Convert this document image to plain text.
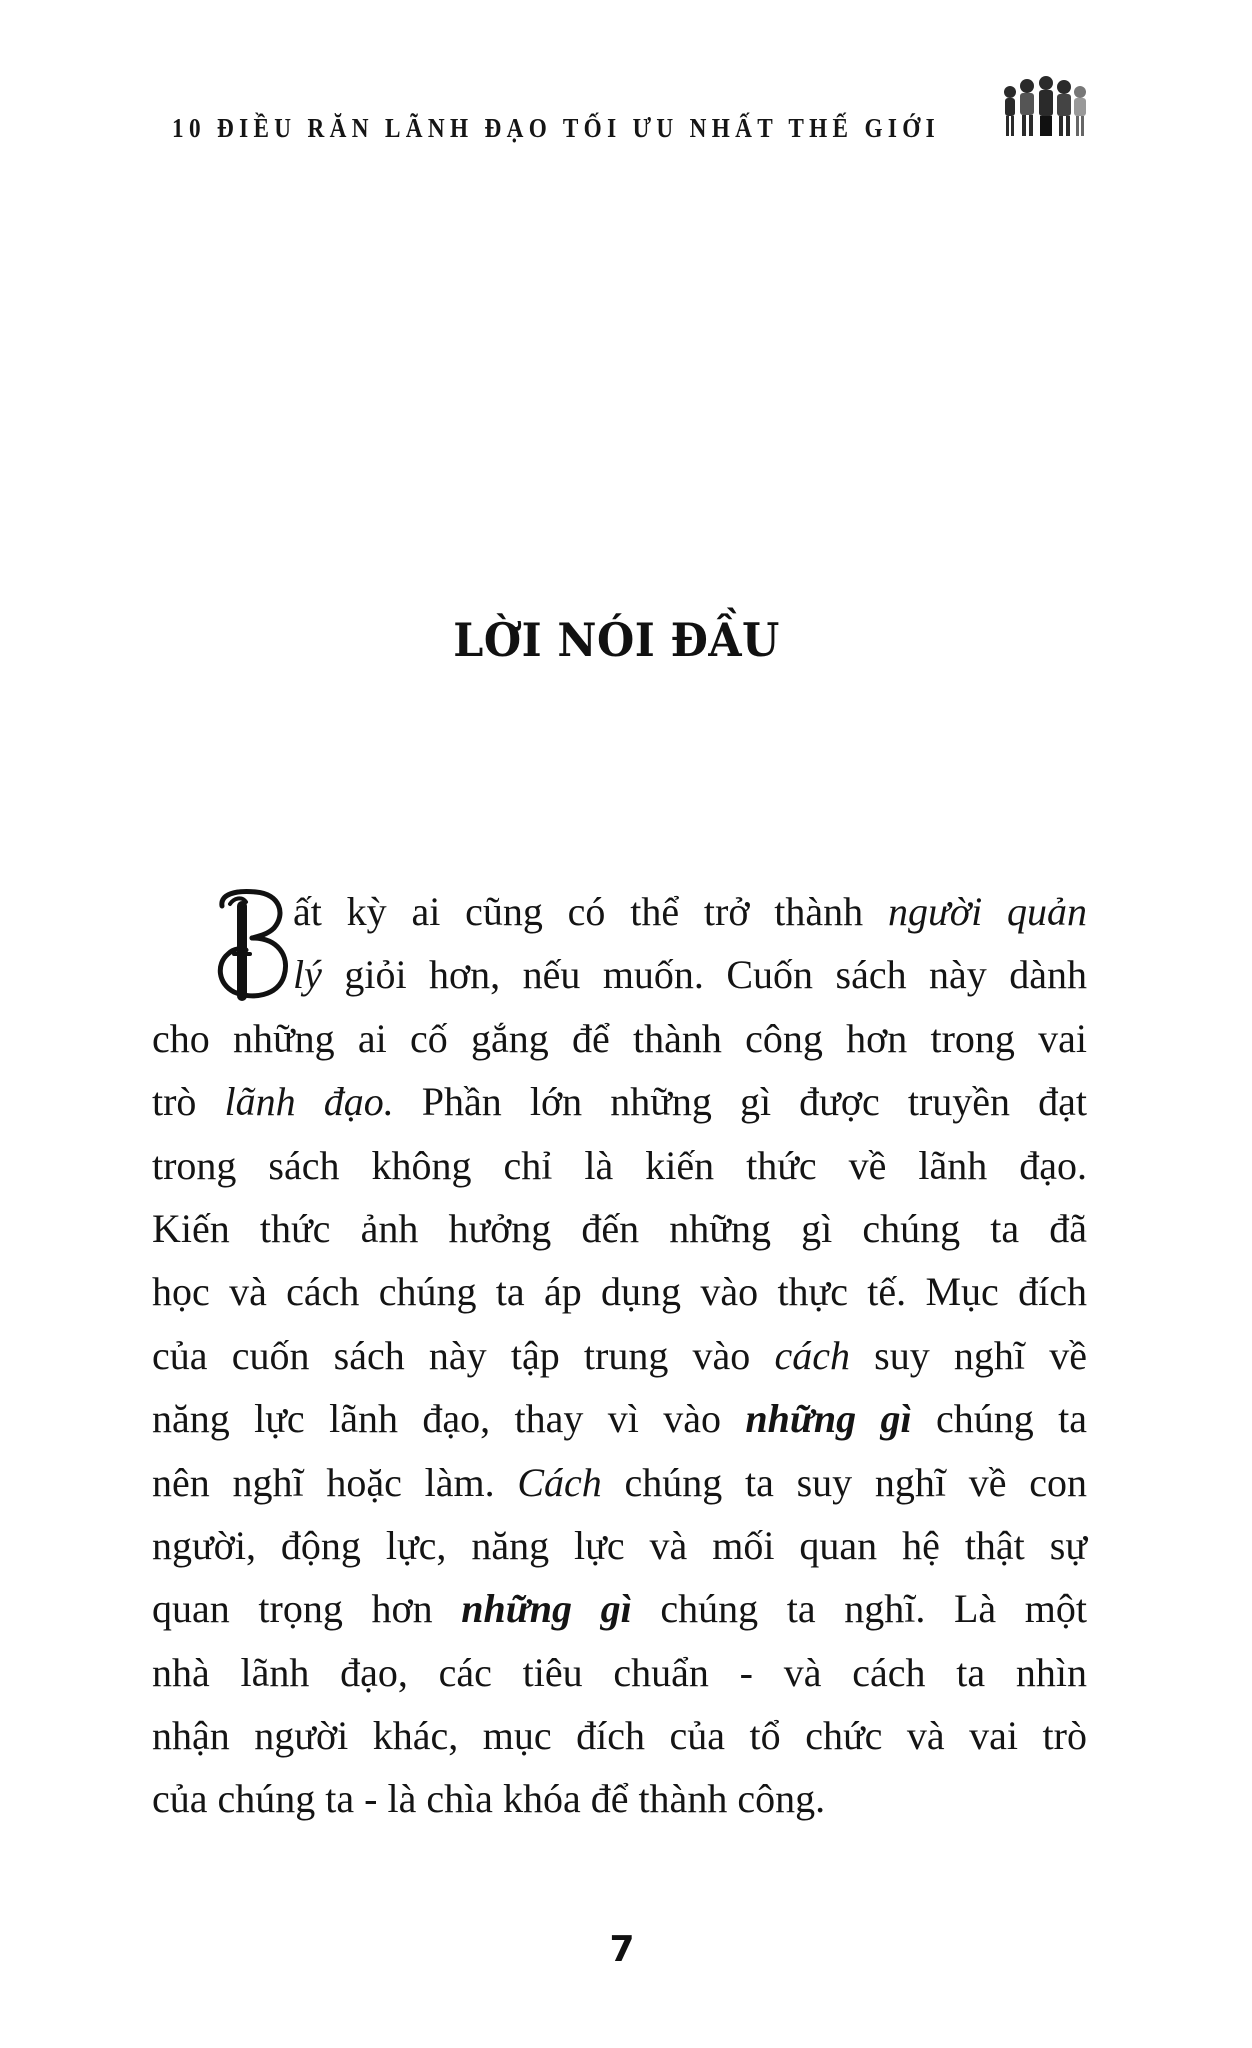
10 ĐIỀU RĂN LÃNH ĐẠO TỐI ƯU NHẤT THẾ GIỚI
LỜI NÓI ĐẦU
ất kỳ ai cũng có thể trở thành người quản
lý giỏi hơn, nếu muốn. Cuốn sách này dành
cho những ai cố gắng để thành công hơn trong vai
trò lãnh đạo. Phần lớn những gì được truyền đạt
trong sách không chỉ là kiến thức về lãnh đạo.
Kiến thức ảnh hưởng đến những gì chúng ta đã
học và cách chúng ta áp dụng vào thực tế. Mục đích
của cuốn sách này tập trung vào cách suy nghĩ về
năng lực lãnh đạo, thay vì vào những gì chúng ta
nên nghĩ hoặc làm. Cách chúng ta suy nghĩ về con
người, động lực, năng lực và mối quan hệ thật sự
quan trọng hơn những gì chúng ta nghĩ. Là một
nhà lãnh đạo, các tiêu chuẩn - và cách ta nhìn
nhận người khác, mục đích của tổ chức và vai trò
của chúng ta - là chìa khóa để thành công.
7
